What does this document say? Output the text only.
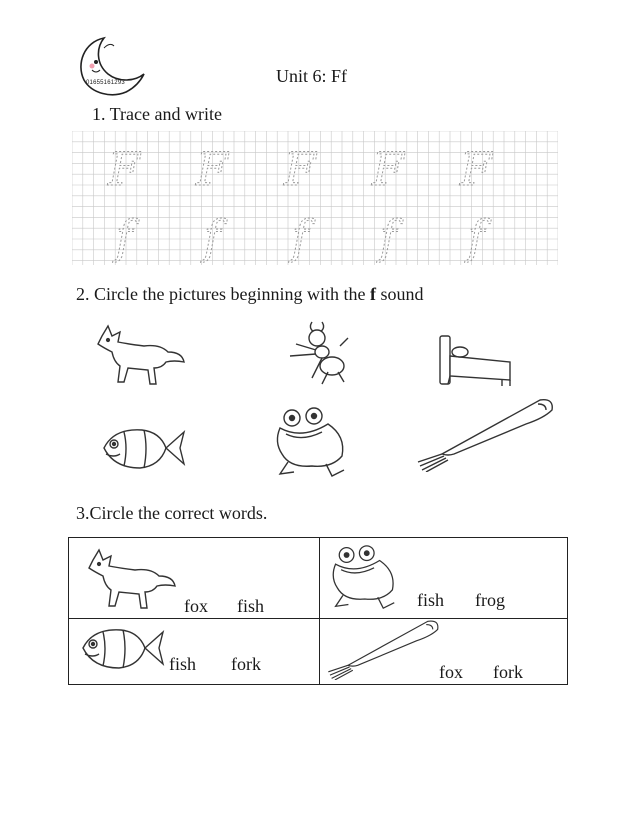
01655161293	Unit 6: Ff
1. Trace and write
F
f
F
f
F
f
F
f
F
f
2. Circle the pictures beginning with the f sound
3.Circle the correct words.
fox fish	fish frog
fish fork	fox fork
